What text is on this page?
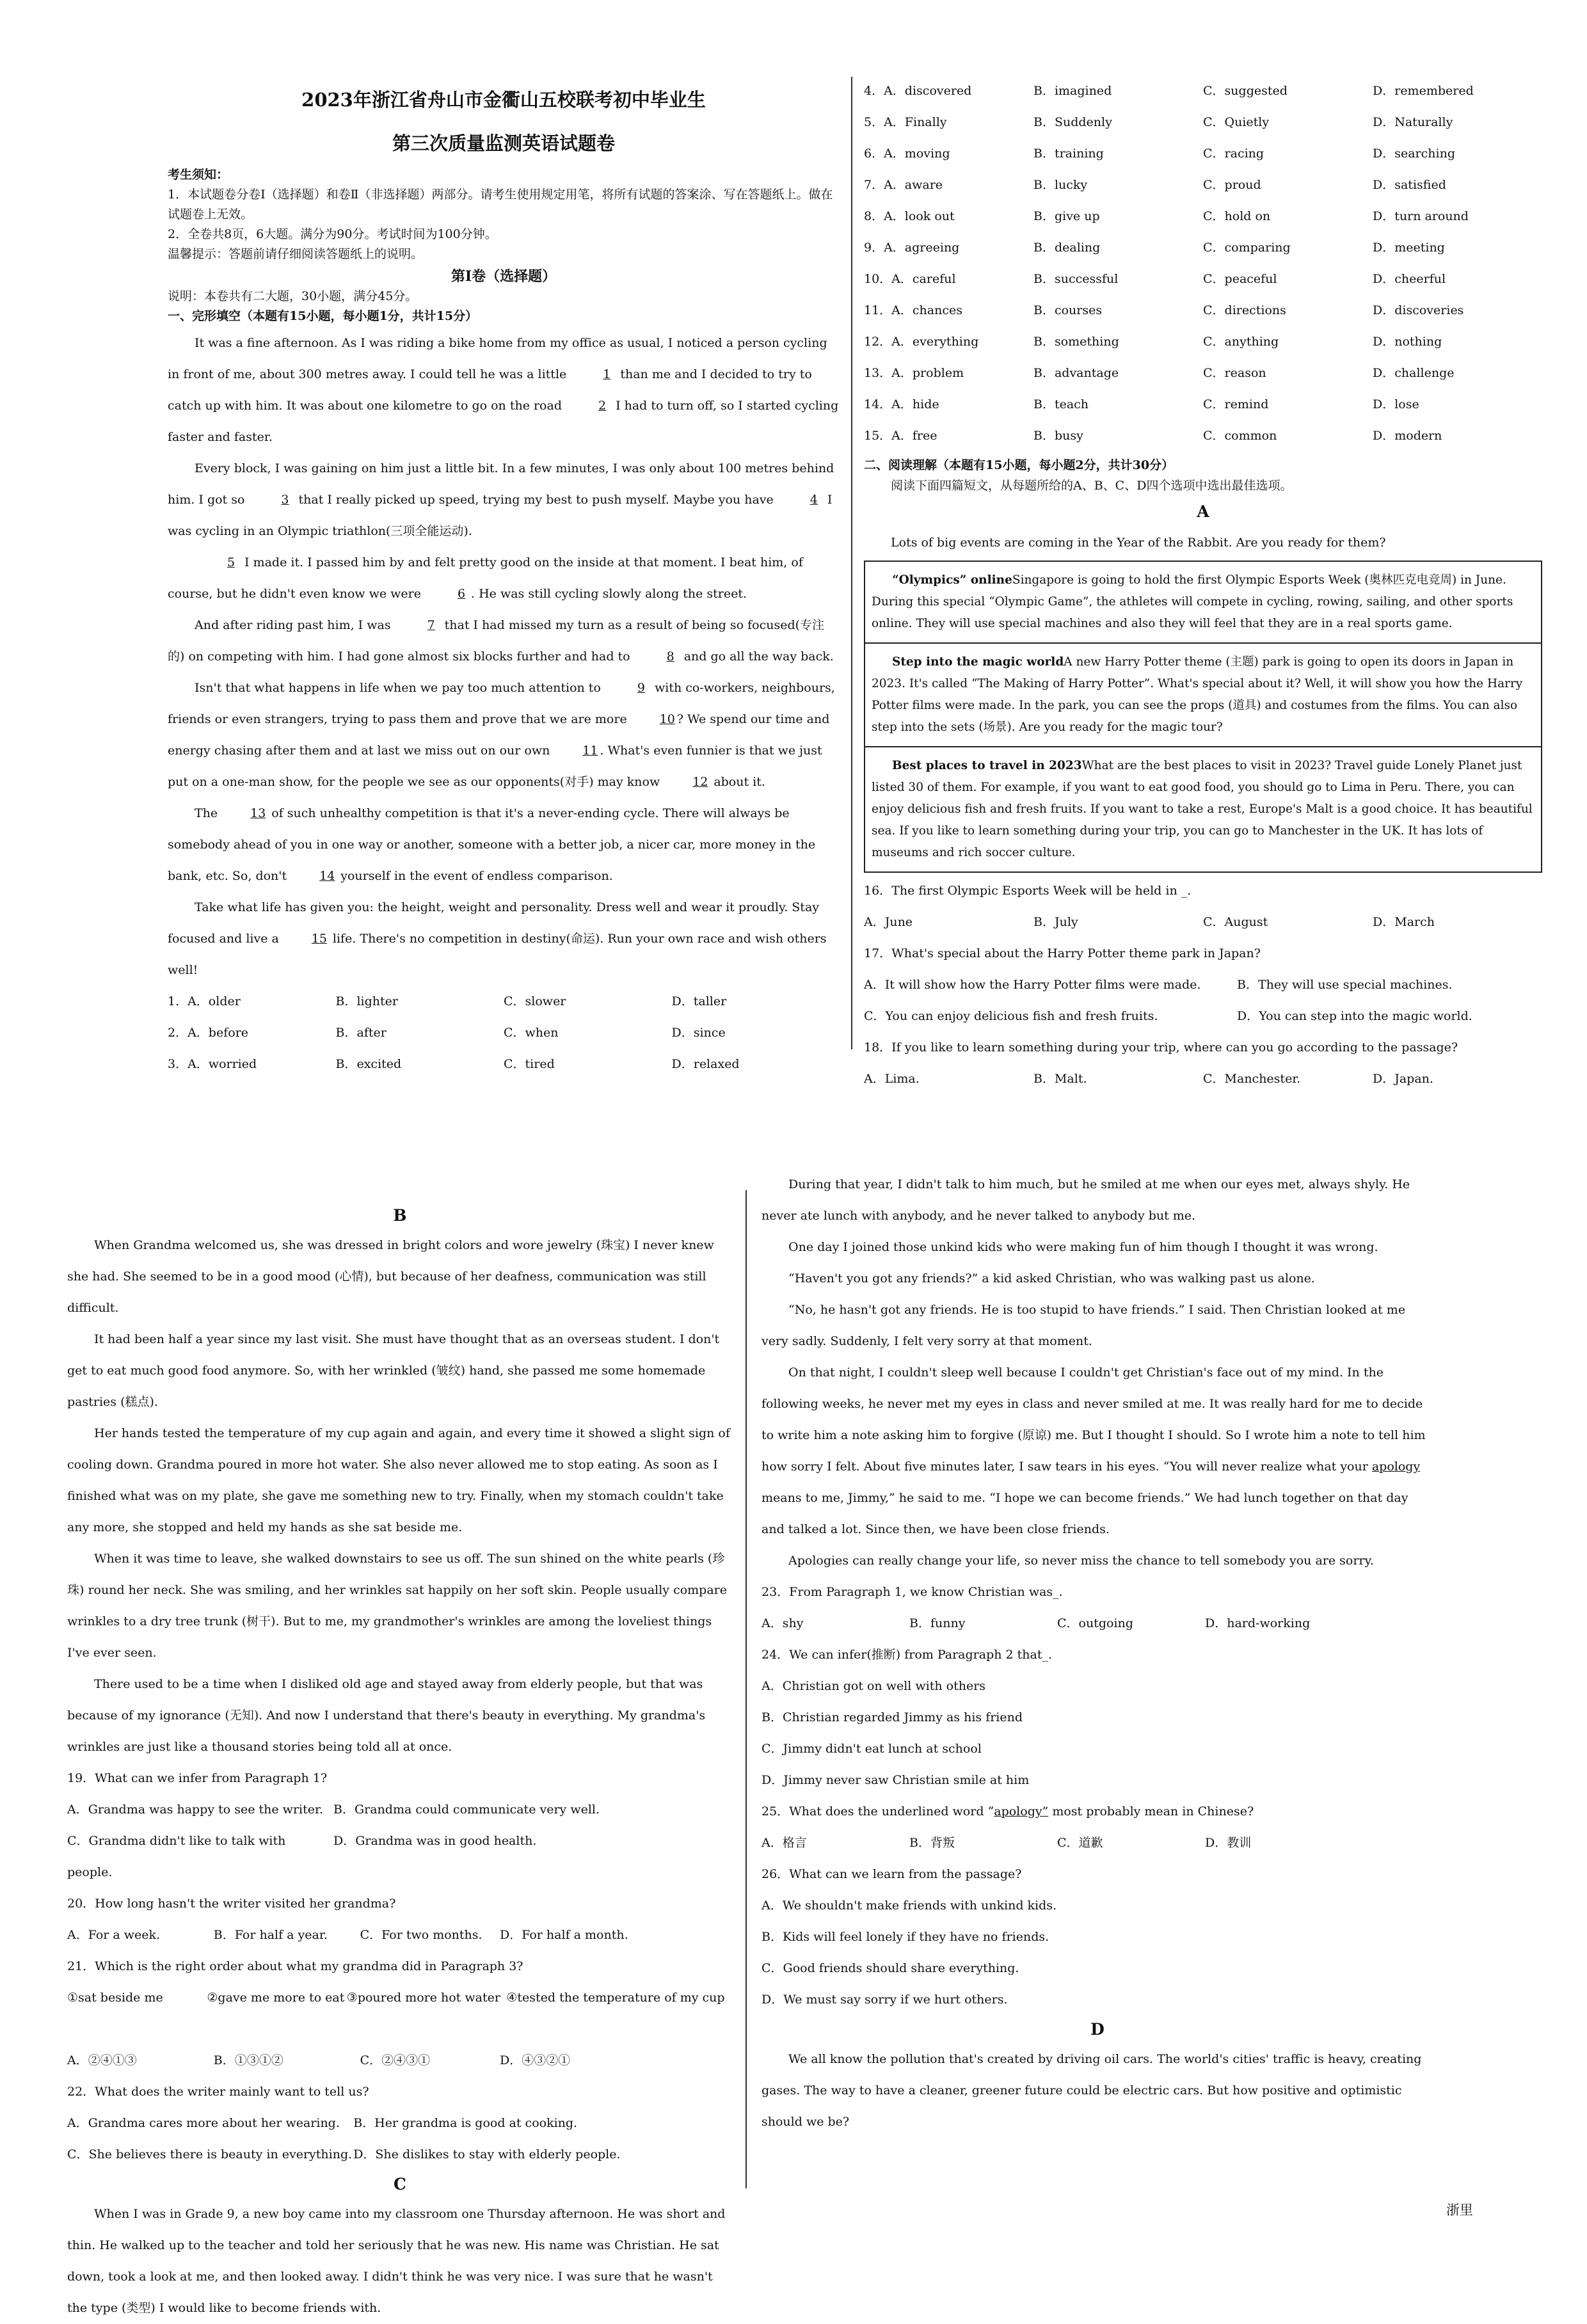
2023年浙江省舟山市金衢山五校联考初中毕业生
第三次质量监测英语试题卷
考生须知：
1．本试题卷分卷Ⅰ（选择题）和卷Ⅱ（非选择题）两部分。请考生使用规定用笔，将所有试题的答案涂、写在答题纸上。做在试题卷上无效。
2．全卷共8页，6大题。满分为90分。考试时间为100分钟。
温馨提示：答题前请仔细阅读答题纸上的说明。
第Ⅰ卷（选择题）
说明：本卷共有二大题，30小题，满分45分。
一、完形填空（本题有15小题，每小题1分，共计15分）

It was a fine afternoon. As I was riding a bike home from my office as usual, I noticed a person cycling in front of me, about 300 metres away. I could tell he was a little	1 than me and I decided to try to catch up with him. It was about one kilometre to go on the road	2 I had to turn off, so I started cycling faster and faster.

Every block, I was gaining on him just a little bit. In a few minutes, I was only about 100 metres behind him. I got so	3 that I really picked up speed, trying my best to push myself. Maybe you have	4 I was cycling in an Olympic triathlon(三项全能运动).

5 I made it. I passed him by and felt pretty good on the inside at that moment. I beat him, of course, but he didn't even know we were	6 . He was still cycling slowly along the street.

And after riding past him, I was	7 that I had missed my turn as a result of being so focused(专注的) on competing with him. I had gone almost six blocks further and had to	8 and go all the way back.

Isn't that what happens in life when we pay too much attention to	9 with co-workers, neighbours, friends or even strangers, trying to pass them and prove that we are more 10 ? We spend our time and energy chasing after them and at last we miss out on our own 11 . What's even funnier is that we just put on a one-man show, for the people we see as our opponents(对手) may know 12 about it.

The 13 of such unhealthy competition is that it's a never-ending cycle. There will always be somebody ahead of you in one way or another, someone with a better job, a nicer car, more money in the bank, etc. So, don't 14 yourself in the event of endless comparison.

Take what life has given you: the height, weight and personality. Dress well and wear it proudly. Stay focused and live a 15 life. There's no competition in destiny(命运). Run your own race and wish others well!

1．A．older	B．lighter	C．slower	D．taller
2．A．before	B．after	C．when	D．since
3．A．worried	B．excited	C．tired	D．relaxed
4．A．discovered	B．imagined	C．suggested	D．remembered
5．A．Finally	B．Suddenly	C．Quietly	D．Naturally
6．A．moving	B．training	C．racing	D．searching
7．A．aware	B．lucky	C．proud	D．satisfied
8．A．look out	B．give up	C．hold on	D．turn around
9．A．agreeing	B．dealing	C．comparing	D．meeting
10．A．careful	B．successful	C．peaceful	D．cheerful
11．A．chances	B．courses	C．directions	D．discoveries
12．A．everything	B．something	C．anything	D．nothing
13．A．problem	B．advantage	C．reason	D．challenge
14．A．hide	B．teach	C．remind	D．lose
15．A．free	B．busy	C．common	D．modern
二、阅读理解（本题有15小题，每小题2分，共计30分）
阅读下面四篇短文，从每题所给的A、B、C、D四个选项中选出最佳选项。
A

Lots of big events are coming in the Year of the Rabbit. Are you ready for them?

“Olympics” onlineSingapore is going to hold the first Olympic Esports Week (奥林匹克电竞周) in June. During this special “Olympic Game”, the athletes will compete in cycling, rowing, sailing, and other sports online. They will use special machines and also they will feel that they are in a real sports game.
Step into the magic worldA new Harry Potter theme (主题) park is going to open its doors in Japan in 2023. It's called “The Making of Harry Potter”. What's special about it? Well, it will show you how the Harry Potter films were made. In the park, you can see the props (道具) and costumes from the films. You can also step into the sets (场景). Are you ready for the magic tour?
Best places to travel in 2023What are the best places to visit in 2023? Travel guide Lonely Planet just listed 30 of them. For example, if you want to eat good food, you should go to Lima in Peru. There, you can enjoy delicious fish and fresh fruits. If you want to take a rest, Europe's Malt is a good choice. It has beautiful sea. If you like to learn something during your trip, you can go to Manchester in the UK. It has lots of museums and rich soccer culture.

16．The first Olympic Esports Week will be held in _.

A．June	B．July	C．August	D．March

17．What's special about the Harry Potter theme park in Japan?

A．It will show how the Harry Potter films were made.	B．They will use special machines.
C．You can enjoy delicious fish and fresh fruits.	D．You can step into the magic world.

18．If you like to learn something during your trip, where can you go according to the passage?

A．Lima.	B．Malt.	C．Manchester.	D．Japan.
B

When Grandma welcomed us, she was dressed in bright colors and wore jewelry (珠宝) I never knew she had. She seemed to be in a good mood (心情), but because of her deafness, communication was still difficult.

It had been half a year since my last visit. She must have thought that as an overseas student. I don't get to eat much good food anymore. So, with her wrinkled (皱纹) hand, she passed me some homemade pastries (糕点).

Her hands tested the temperature of my cup again and again, and every time it showed a slight sign of cooling down. Grandma poured in more hot water. She also never allowed me to stop eating. As soon as I finished what was on my plate, she gave me something new to try. Finally, when my stomach couldn't take any more, she stopped and held my hands as she sat beside me.

When it was time to leave, she walked downstairs to see us off. The sun shined on the white pearls (珍珠) round her neck. She was smiling, and her wrinkles sat happily on her soft skin. People usually compare wrinkles to a dry tree trunk (树干). But to me, my grandmother's wrinkles are among the loveliest things I've ever seen.

There used to be a time when I disliked old age and stayed away from elderly people, but that was because of my ignorance (无知). And now I understand that there's beauty in everything. My grandma's wrinkles are just like a thousand stories being told all at once.

19．What can we infer from Paragraph 1?

A．Grandma was happy to see the writer. B．Grandma could communicate very well.
C．Grandma didn't like to talk with people.
D．Grandma was in good health.

20．How long hasn't the writer visited her grandma?

A．For a week.	B．For half a year.	C．For two months.	D．For half a month.

21．Which is the right order about what my grandma did in Paragraph 3?

①sat beside me	②gave me more to eat ③poured more hot water ④tested the temperature of my cup
A．②④①③	B．①③①②	C．②④③①	D．④③②①

22．What does the writer mainly want to tell us?

A．Grandma cares more about her wearing.	B．Her grandma is good at cooking.
C．She believes there is beauty in everything. D．She dislikes to stay with elderly people.
C

When I was in Grade 9, a new boy came into my classroom one Thursday afternoon. He was short and thin. He walked up to the teacher and told her seriously that he was new. His name was Christian. He sat down, took a look at me, and then looked away. I didn't think he was very nice. I was sure that he wasn't the type (类型) I would like to become friends with.

During that year, I didn't talk to him much, but he smiled at me when our eyes met, always shyly. He never ate lunch with anybody, and he never talked to anybody but me.

One day I joined those unkind kids who were making fun of him though I thought it was wrong.

“Haven't you got any friends?” a kid asked Christian, who was walking past us alone.

“No, he hasn't got any friends. He is too stupid to have friends.” I said. Then Christian looked at me very sadly. Suddenly, I felt very sorry at that moment.

On that night, I couldn't sleep well because I couldn't get Christian's face out of my mind. In the following weeks, he never met my eyes in class and never smiled at me. It was really hard for me to decide to write him a note asking him to forgive (原谅) me. But I thought I should. So I wrote him a note to tell him how sorry I felt. About five minutes later, I saw tears in his eyes. “You will never realize what your apology means to me, Jimmy,” he said to me. “I hope we can become friends.” We had lunch together on that day and talked a lot. Since then, we have been close friends.

Apologies can really change your life, so never miss the chance to tell somebody you are sorry.

23．From Paragraph 1, we know Christian was_.

A．shy	B．funny	C．outgoing	D．hard-working

24．We can infer(推断) from Paragraph 2 that_.

A．Christian got on well with others

B．Christian regarded Jimmy as his friend

C．Jimmy didn't eat lunch at school

D．Jimmy never saw Christian smile at him

25．What does the underlined word “apology” most probably mean in Chinese?

A．格言	B．背叛	C．道歉	D．教训

26．What can we learn from the passage?

A．We shouldn't make friends with unkind kids.

B．Kids will feel lonely if they have no friends.

C．Good friends should share everything.

D．We must say sorry if we hurt others.

D

We all know the pollution that's created by driving oil cars. The world's cities' traffic is heavy, creating gases. The way to have a cleaner, greener future could be electric cars. But how positive and optimistic should we be?

浙里
